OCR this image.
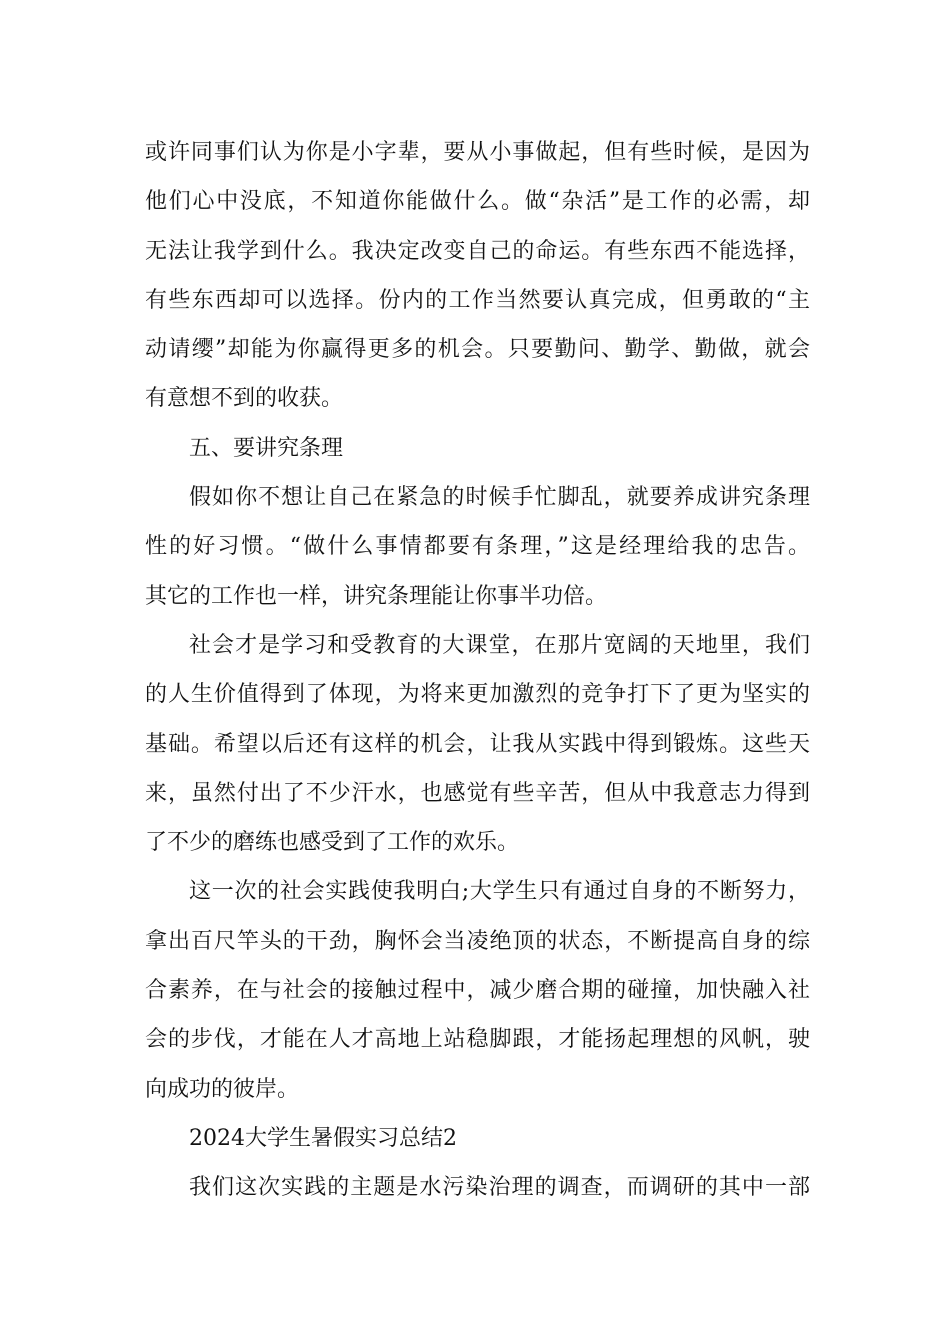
或许同事们认为你是小字辈，要从小事做起，但有些时候，是因为
他们心中没底，不知道你能做什么。做“杂活”是工作的必需，却
无法让我学到什么。我决定改变自己的命运。有些东西不能选择，
有些东西却可以选择。份内的工作当然要认真完成，但勇敢的“主
动请缨”却能为你赢得更多的机会。只要勤问、勤学、勤做，就会
有意想不到的收获。
五、要讲究条理
假如你不想让自己在紧急的时候手忙脚乱，就要养成讲究条理
性的好习惯。“做什么事情都要有条理，”这是经理给我的忠告。
其它的工作也一样，讲究条理能让你事半功倍。
社会才是学习和受教育的大课堂，在那片宽阔的天地里，我们
的人生价值得到了体现，为将来更加激烈的竞争打下了更为坚实的
基础。希望以后还有这样的机会，让我从实践中得到锻炼。这些天
来，虽然付出了不少汗水，也感觉有些辛苦，但从中我意志力得到
了不少的磨练也感受到了工作的欢乐。
这一次的社会实践使我明白;大学生只有通过自身的不断努力，
拿出百尺竿头的干劲，胸怀会当凌绝顶的状态，不断提高自身的综
合素养，在与社会的接触过程中，减少磨合期的碰撞，加快融入社
会的步伐，才能在人才高地上站稳脚跟，才能扬起理想的风帆，驶
向成功的彼岸。
2024大学生暑假实习总结2
我们这次实践的主题是水污染治理的调查，而调研的其中一部
